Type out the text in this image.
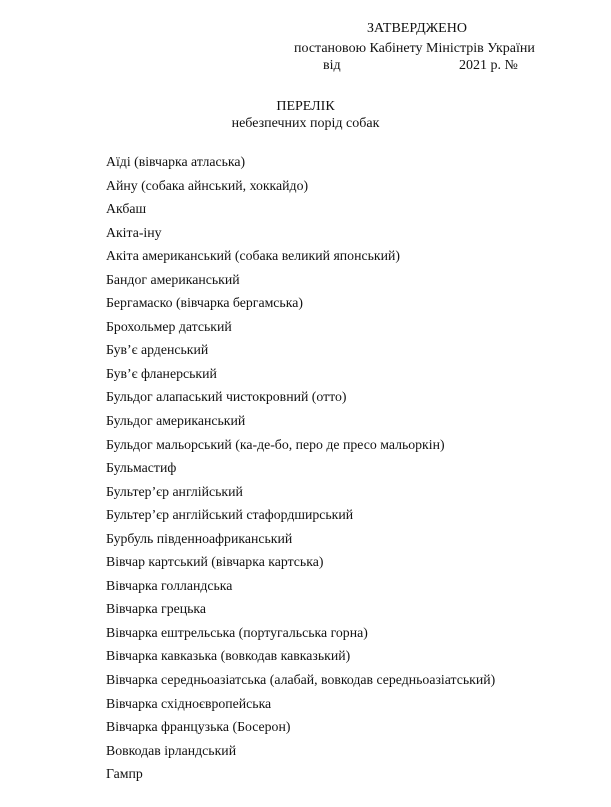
ЗАТВЕРДЖЕНО
постановою Кабінету Міністрів України
від	2021 р. №
ПЕРЕЛІК
небезпечних порід собак
Аїді (вівчарка атласька)
Айну (собака айнський, хоккайдо)
Акбаш
Акіта-іну
Акіта американський (собака великий японський)
Бандог американський
Бергамаско (вівчарка бергамська)
Брохольмер датський
Був’є арденський
Був’є фланерський
Бульдог алапаський чистокровний (отто)
Бульдог американський
Бульдог мальорський (ка-де-бо, перо де пресо мальоркін)
Бульмастиф
Бультер’єр англійський
Бультер’єр англійський стафордширський
Бурбуль південноафриканський
Вівчар картський (вівчарка картська)
Вівчарка голландська
Вівчарка грецька
Вівчарка ештрельська (португальська горна)
Вівчарка кавказька (вовкодав кавказький)
Вівчарка середньоазіатська (алабай, вовкодав середньоазіатський)
Вівчарка східноєвропейська
Вівчарка французька (Босерон)
Вовкодав ірландський
Гампр
